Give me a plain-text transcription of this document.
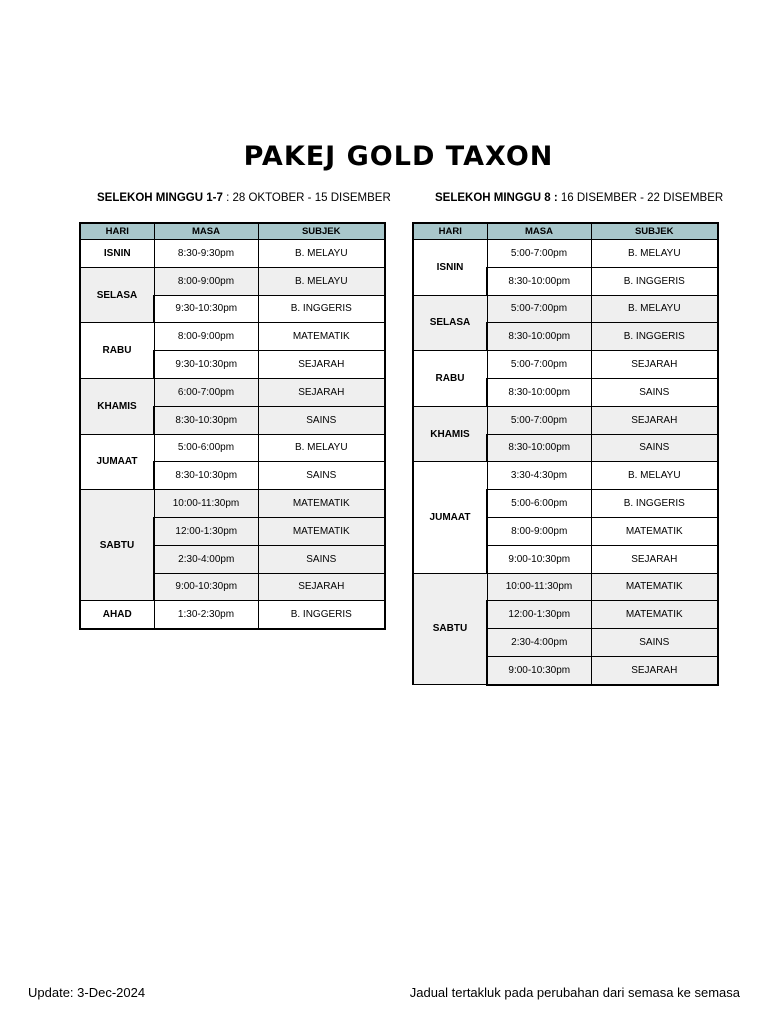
PAKEJ GOLD TAXON
SELEKOH MINGGU 1-7 : 28 OKTOBER - 15 DISEMBER	SELEKOH MINGGU 8 : 16 DISEMBER - 22 DISEMBER
HARI	MASA	SUBJEK
ISNIN	8:30-9:30pm	B. MELAYU
SELASA	8:00-9:00pm	B. MELAYU
	9:30-10:30pm	B. INGGERIS
RABU	8:00-9:00pm	MATEMATIK
	9:30-10:30pm	SEJARAH
KHAMIS	6:00-7:00pm	SEJARAH
	8:30-10:30pm	SAINS
JUMAAT	5:00-6:00pm	B. MELAYU
	8:30-10:30pm	SAINS
SABTU	10:00-11:30pm	MATEMATIK
	12:00-1:30pm	MATEMATIK
	2:30-4:00pm	SAINS
	9:00-10:30pm	SEJARAH
AHAD	1:30-2:30pm	B. INGGERIS
HARI	MASA	SUBJEK
ISNIN	5:00-7:00pm	B. MELAYU
	8:30-10:00pm	B. INGGERIS
SELASA	5:00-7:00pm	B. MELAYU
	8:30-10:00pm	B. INGGERIS
RABU	5:00-7:00pm	SEJARAH
	8:30-10:00pm	SAINS
KHAMIS	5:00-7:00pm	SEJARAH
	8:30-10:00pm	SAINS
JUMAAT	3:30-4:30pm	B. MELAYU
	5:00-6:00pm	B. INGGERIS
	8:00-9:00pm	MATEMATIK
	9:00-10:30pm	SEJARAH
SABTU	10:00-11:30pm	MATEMATIK
	12:00-1:30pm	MATEMATIK
	2:30-4:00pm	SAINS
	9:00-10:30pm	SEJARAH
Update: 3-Dec-2024	Jadual tertakluk pada perubahan dari semasa ke semasa
